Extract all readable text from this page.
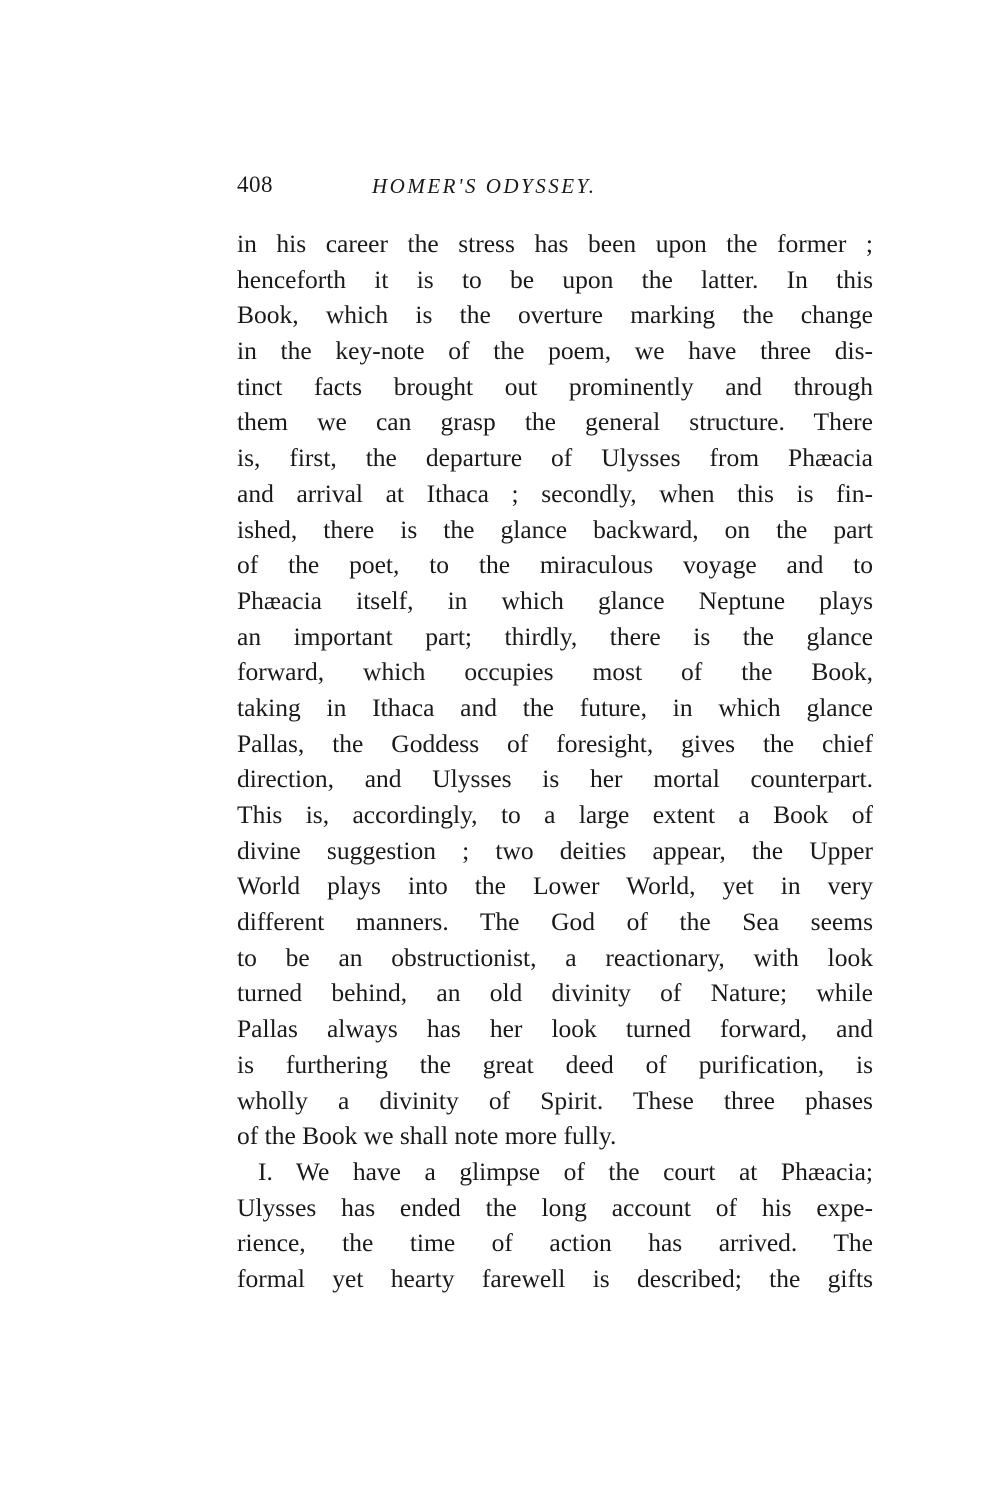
408	HOMER'S ODYSSEY.
in his career the stress has been upon the former ;
henceforth it is to be upon the latter. In this
Book, which is the overture marking the change
in the key-note of the poem, we have three dis-
tinct facts brought out prominently and through
them we can grasp the general structure. There
is, first, the departure of Ulysses from Phæacia
and arrival at Ithaca ; secondly, when this is fin-
ished, there is the glance backward, on the part
of the poet, to the miraculous voyage and to
Phæacia itself, in which glance Neptune plays
an important part; thirdly, there is the glance
forward, which occupies most of the Book,
taking in Ithaca and the future, in which glance
Pallas, the Goddess of foresight, gives the chief
direction, and Ulysses is her mortal counterpart.
This is, accordingly, to a large extent a Book of
divine suggestion ; two deities appear, the Upper
World plays into the Lower World, yet in very
different manners. The God of the Sea seems
to be an obstructionist, a reactionary, with look
turned behind, an old divinity of Nature; while
Pallas always has her look turned forward, and
is furthering the great deed of purification, is
wholly a divinity of Spirit. These three phases
of the Book we shall note more fully.
I. We have a glimpse of the court at Phæacia;
Ulysses has ended the long account of his expe-
rience, the time of action has arrived. The
formal yet hearty farewell is described; the gifts
